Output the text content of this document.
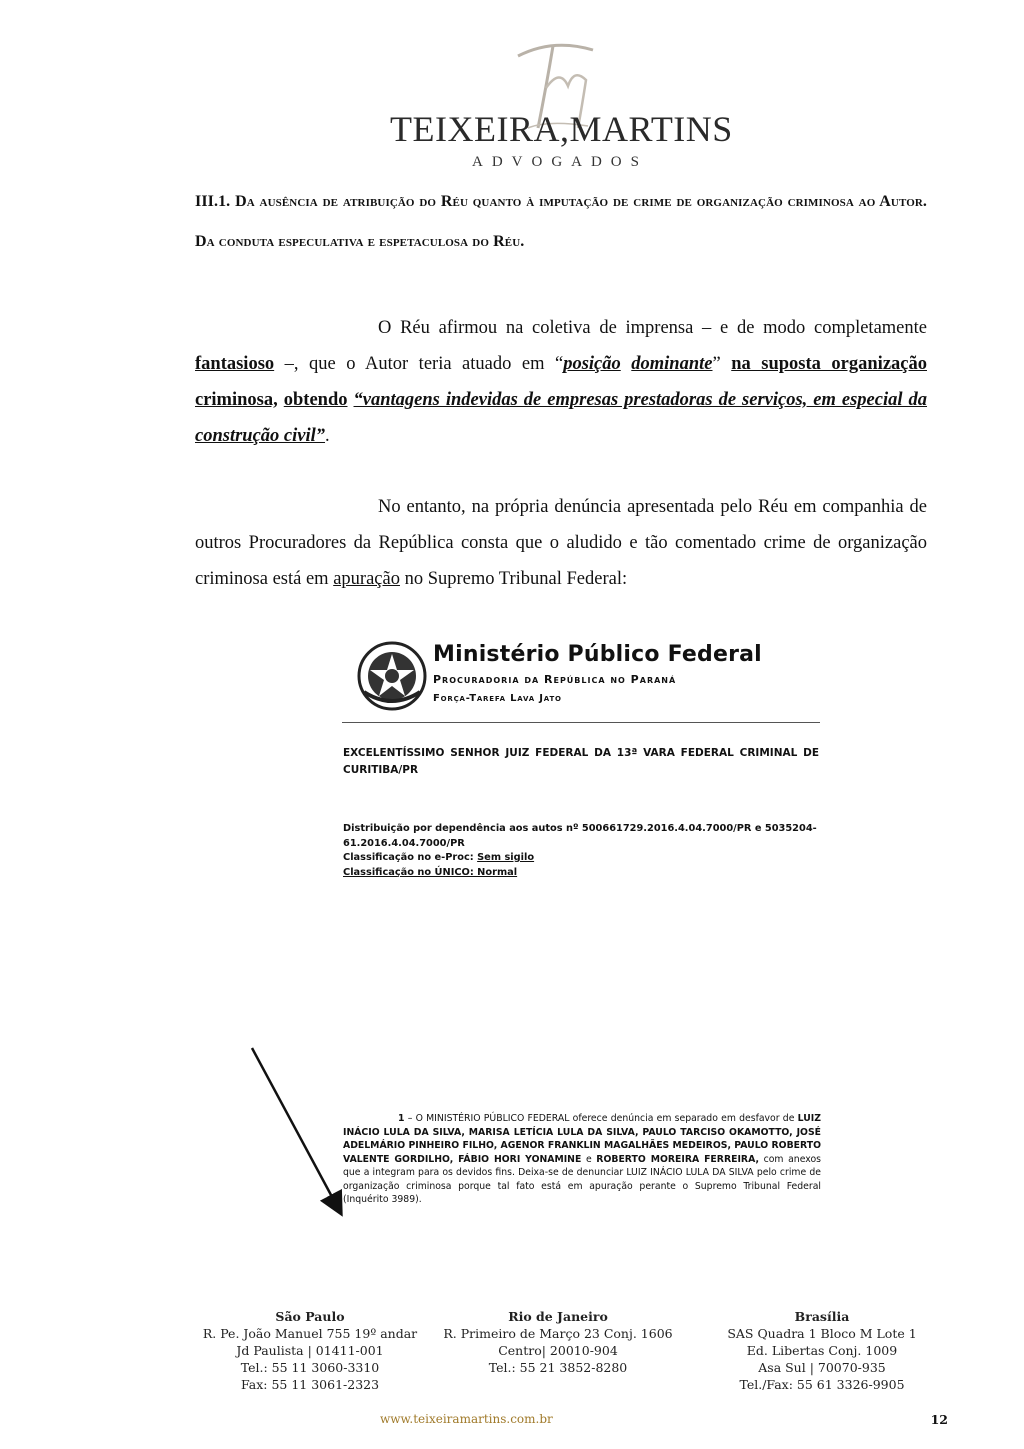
TEIXEIRA,MARTINS
ADVOGADOS
III.1. Da ausência de atribuição do Réu quanto à imputação de crime de organização criminosa ao Autor. Da conduta especulativa e espetaculosa do Réu.
O Réu afirmou na coletiva de imprensa – e de modo completamente fantasioso –, que o Autor teria atuado em “posição dominante” na suposta organização criminosa, obtendo “vantagens indevidas de empresas prestadoras de serviços, em especial da construção civil”.
No entanto, na própria denúncia apresentada pelo Réu em companhia de outros Procuradores da República consta que o aludido e tão comentado crime de organização criminosa está em apuração no Supremo Tribunal Federal:
Ministério Público Federal
Procuradoria da República no Paraná
Força-Tarefa Lava Jato
EXCELENTÍSSIMO SENHOR JUIZ FEDERAL DA 13ª VARA FEDERAL CRIMINAL DE CURITIBA/PR
Distribuição por dependência aos autos nº 500661729.2016.4.04.7000/PR e 5035204-61.2016.4.04.7000/PR
Classificação no e-Proc: Sem sigilo
Classificação no ÚNICO: Normal
1 – O MINISTÉRIO PÚBLICO FEDERAL oferece denúncia em separado em desfavor de LUIZ INÁCIO LULA DA SILVA, MARISA LETÍCIA LULA DA SILVA, PAULO TARCISO OKAMOTTO, JOSÉ ADELMÁRIO PINHEIRO FILHO, AGENOR FRANKLIN MAGALHÃES MEDEIROS, PAULO ROBERTO VALENTE GORDILHO, FÁBIO HORI YONAMINE e ROBERTO MOREIRA FERREIRA, com anexos que a integram para os devidos fins. Deixa-se de denunciar LUIZ INÁCIO LULA DA SILVA pelo crime de organização criminosa porque tal fato está em apuração perante o Supremo Tribunal Federal (Inquérito 3989).
São Paulo
R. Pe. João Manuel 755 19º andar
Jd Paulista | 01411-001
Tel.: 55 11 3060-3310
Fax: 55 11 3061-2323
Rio de Janeiro
R. Primeiro de Março 23 Conj. 1606
Centro| 20010-904
Tel.: 55 21 3852-8280
Brasília
SAS Quadra 1 Bloco M Lote 1
Ed. Libertas Conj. 1009
Asa Sul | 70070-935
Tel./Fax: 55 61 3326-9905
www.teixeiramartins.com.br	12
